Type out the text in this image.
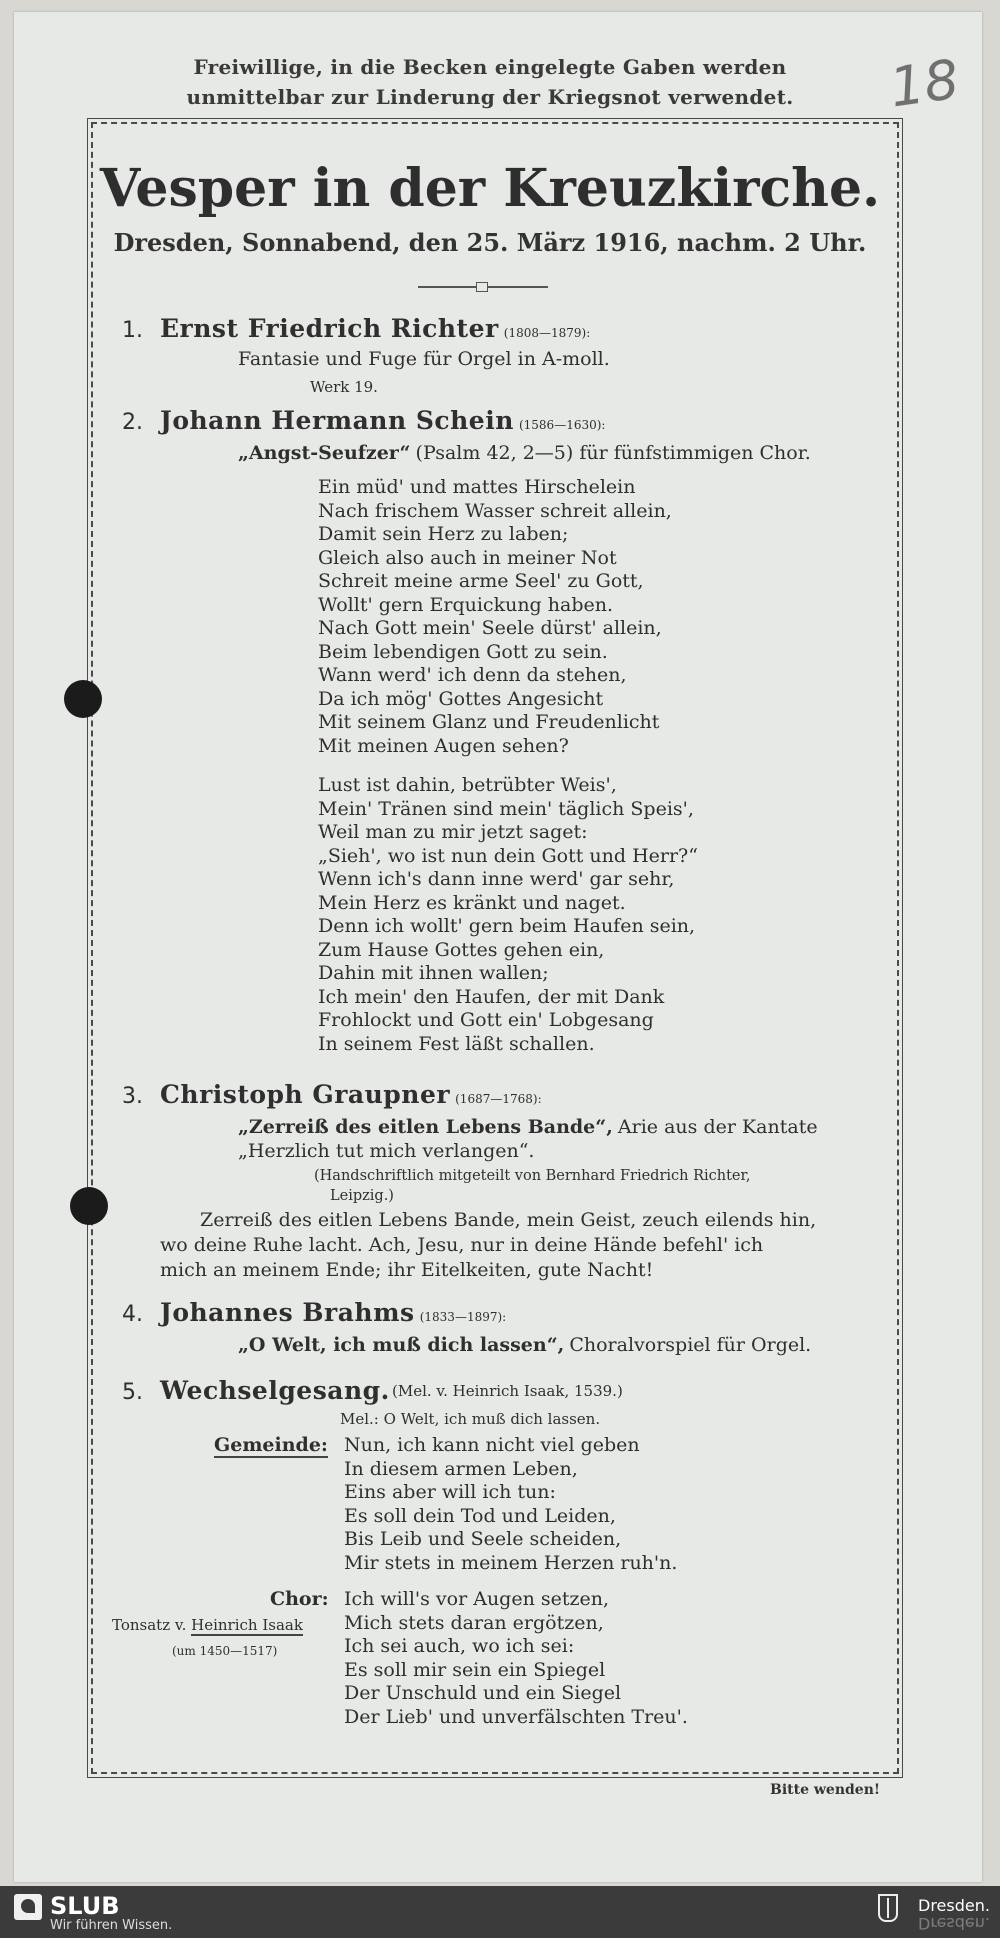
Freiwillige, in die Becken eingelegte Gaben werden
unmittelbar zur Linderung der Kriegsnot verwendet.	18
Vesper in der Kreuzkirche.
Dresden, Sonnabend, den 25. März 1916, nachm. 2 Uhr.
1. Ernst Friedrich Richter (1808—1879):
Fantasie und Fuge für Orgel in A-moll.
Werk 19.
2. Johann Hermann Schein (1586—1630):
„Angst-Seufzer“ (Psalm 42, 2—5) für fünfstimmigen Chor.
Ein müd' und mattes Hirschelein
Nach frischem Wasser schreit allein,
Damit sein Herz zu laben;
Gleich also auch in meiner Not
Schreit meine arme Seel' zu Gott,
Wollt' gern Erquickung haben.
Nach Gott mein' Seele dürst' allein,
Beim lebendigen Gott zu sein.
Wann werd' ich denn da stehen,
Da ich mög' Gottes Angesicht
Mit seinem Glanz und Freudenlicht
Mit meinen Augen sehen?
Lust ist dahin, betrübter Weis',
Mein' Tränen sind mein' täglich Speis',
Weil man zu mir jetzt saget:
„Sieh', wo ist nun dein Gott und Herr?“
Wenn ich's dann inne werd' gar sehr,
Mein Herz es kränkt und naget.
Denn ich wollt' gern beim Haufen sein,
Zum Hause Gottes gehen ein,
Dahin mit ihnen wallen;
Ich mein' den Haufen, der mit Dank
Frohlockt und Gott ein' Lobgesang
In seinem Fest läßt schallen.
3. Christoph Graupner (1687—1768):
„Zerreiß des eitlen Lebens Bande“, Arie aus der Kantate
„Herzlich tut mich verlangen“.
(Handschriftlich mitgeteilt von Bernhard Friedrich Richter,
Leipzig.)
Zerreiß des eitlen Lebens Bande, mein Geist, zeuch eilends hin,
wo deine Ruhe lacht. Ach, Jesu, nur in deine Hände befehl' ich
mich an meinem Ende; ihr Eitelkeiten, gute Nacht!
4. Johannes Brahms (1833—1897):
„O Welt, ich muß dich lassen“, Choralvorspiel für Orgel.
5. Wechselgesang. (Mel. v. Heinrich Isaak, 1539.)
Mel.: O Welt, ich muß dich lassen.
Gemeinde: Nun, ich kann nicht viel geben
In diesem armen Leben,
Eins aber will ich tun:
Es soll dein Tod und Leiden,
Bis Leib und Seele scheiden,
Mir stets in meinem Herzen ruh'n.
Chor:
Tonsatz v. Heinrich Isaak
(um 1450—1517)
Ich will's vor Augen setzen,
Mich stets daran ergötzen,
Ich sei auch, wo ich sei:
Es soll mir sein ein Spiegel
Der Unschuld und ein Siegel
Der Lieb' und unverfälschten Treu'.
Bitte wenden!
SLUB
Wir führen Wissen.
Dresden.
Dresden.
